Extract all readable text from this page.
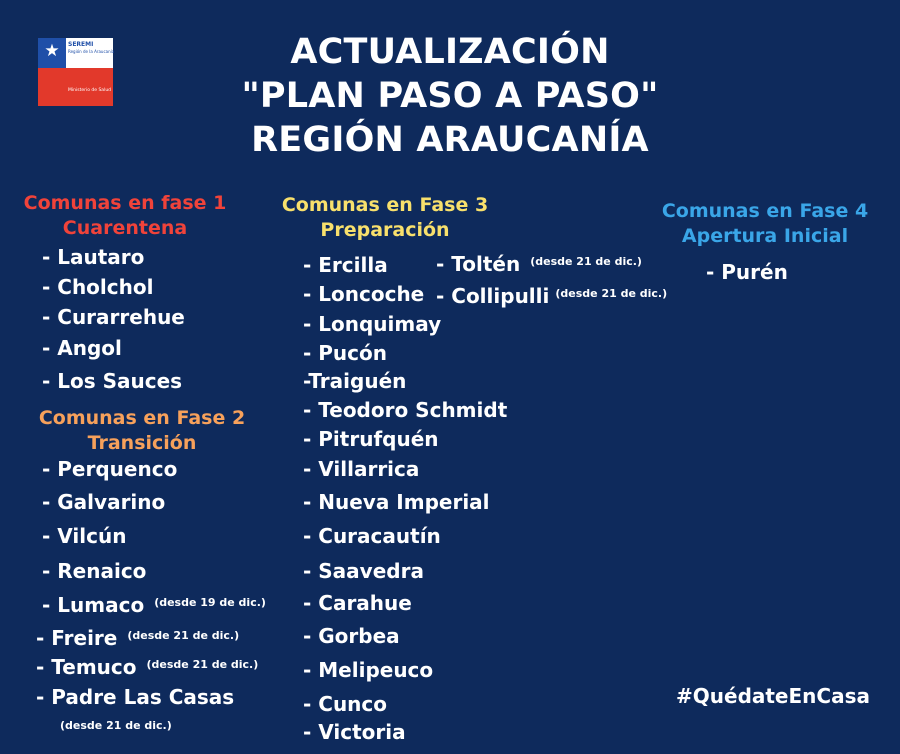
★	SEREMI
Región de la Araucanía
Ministerio de Salud
ACTUALIZACIÓN
"PLAN PASO A PASO"
REGIÓN ARAUCANÍA
Comunas en fase 1
Cuarentena
- Lautaro
- Cholchol
- Curarrehue
- Angol
- Los Sauces
Comunas en Fase 2
Transición
- Perquenco
- Galvarino
- Vilcún
- Renaico
- Lumaco $^{(desde 19 de dic.)}$
- Freire $^{(desde 21 de dic.)}$
- Temuco $^{(desde 21 de dic.)}$
- Padre Las Casas
(desde 21 de dic.)
Comunas en Fase 3
Preparación
- Ercilla
- Loncoche
- Lonquimay
- Pucón
-Traiguén
- Teodoro Schmidt
- Pitrufquén
- Villarrica
- Nueva Imperial
- Curacautín
- Saavedra
- Carahue
- Gorbea
- Melipeuco
- Cunco
- Victoria
- Toltén $^{(desde 21 de dic.)}$
- Collipulli $^{(desde 21 de dic.)}$
Comunas en Fase 4
Apertura Inicial
- Purén
#QuédateEnCasa
